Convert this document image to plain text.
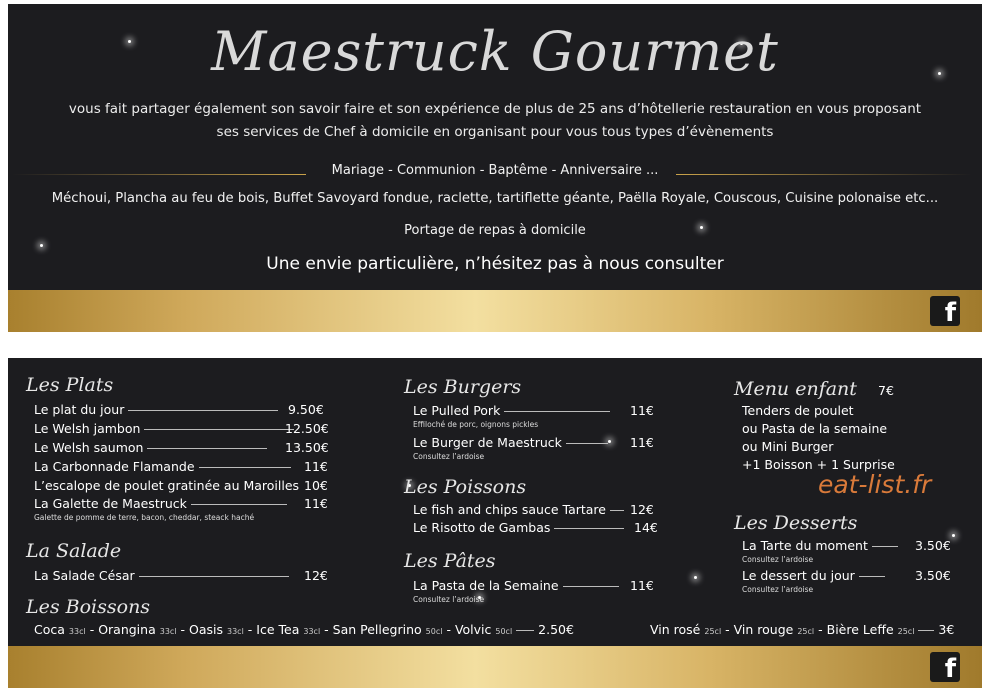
Maestruck Gourmet
vous fait partager également son savoir faire et son expérience de plus de 25 ans d’hôtellerie restauration en vous proposant
ses services de Chef à domicile en organisant pour vous tous types d’évènements
Mariage - Communion - Baptême - Anniversaire ...
Méchoui, Plancha au feu de bois, Buffet Savoyard fondue, raclette, tartiflette géante, Paëlla Royale, Couscous, Cuisine polonaise etc...
Portage de repas à domicile
Une envie particulière, n’hésitez pas à nous consulter
f
Les Plats
Le plat du jour	9.50€
Le Welsh jambon	12.50€
Le Welsh saumon	13.50€
La Carbonnade Flamande	11€
L’escalope de poulet gratinée au Maroilles 10€
La Galette de Maestruck	11€
Galette de pomme de terre, bacon, cheddar, steack haché
La Salade
La Salade César	12€
Les Boissons
Coca 33cl - Orangina 33cl - Oasis 33cl - Ice Tea 33cl - San Pellegrino 50cl - Volvic 50cl 2.50€	Vin rosé 25cl - Vin rouge 25cl - Bière Leffe 25cl 3€
Les Burgers
Le Pulled Pork	11€
Effiloché de porc, oignons pickles
Le Burger de Maestruck	11€
Consultez l’ardoise
Les Poissons
Le fish and chips sauce Tartare	12€
Le Risotto de Gambas	14€
Les Pâtes
La Pasta de la Semaine	11€
Consultez l’ardoise
Menu enfant 7€
Tenders de poulet
ou Pasta de la semaine
ou Mini Burger
+1 Boisson + 1 Surprise
eat-list.fr
Les Desserts
La Tarte du moment	3.50€
Consultez l’ardoise
Le dessert du jour	3.50€
Consultez l’ardoise
f
